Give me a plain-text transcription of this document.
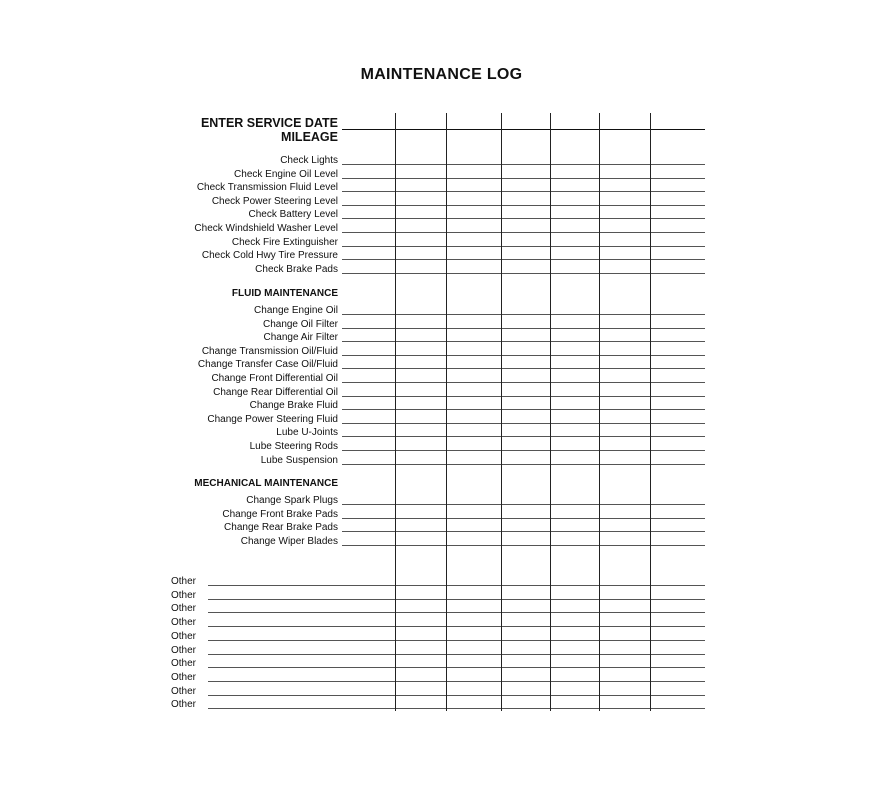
MAINTENANCE LOG
ENTER SERVICE DATE
MILEAGE
FLUID MAINTENANCE
MECHANICAL MAINTENANCE
Check Lights
Check Engine Oil Level
Check Transmission Fluid Level
Check Power Steering Level
Check Battery Level
Check Windshield Washer Level
Check Fire Extinguisher
Check Cold Hwy Tire Pressure
Check Brake Pads
Change Engine Oil
Change Oil Filter
Change Air Filter
Change Transmission Oil/Fluid
Change Transfer Case Oil/Fluid
Change Front Differential Oil
Change Rear Differential Oil
Change Brake Fluid
Change Power Steering Fluid
Lube U-Joints
Lube Steering Rods
Lube Suspension
Change Spark Plugs
Change Front Brake Pads
Change Rear Brake Pads
Change Wiper Blades
Other
Other
Other
Other
Other
Other
Other
Other
Other
Other
